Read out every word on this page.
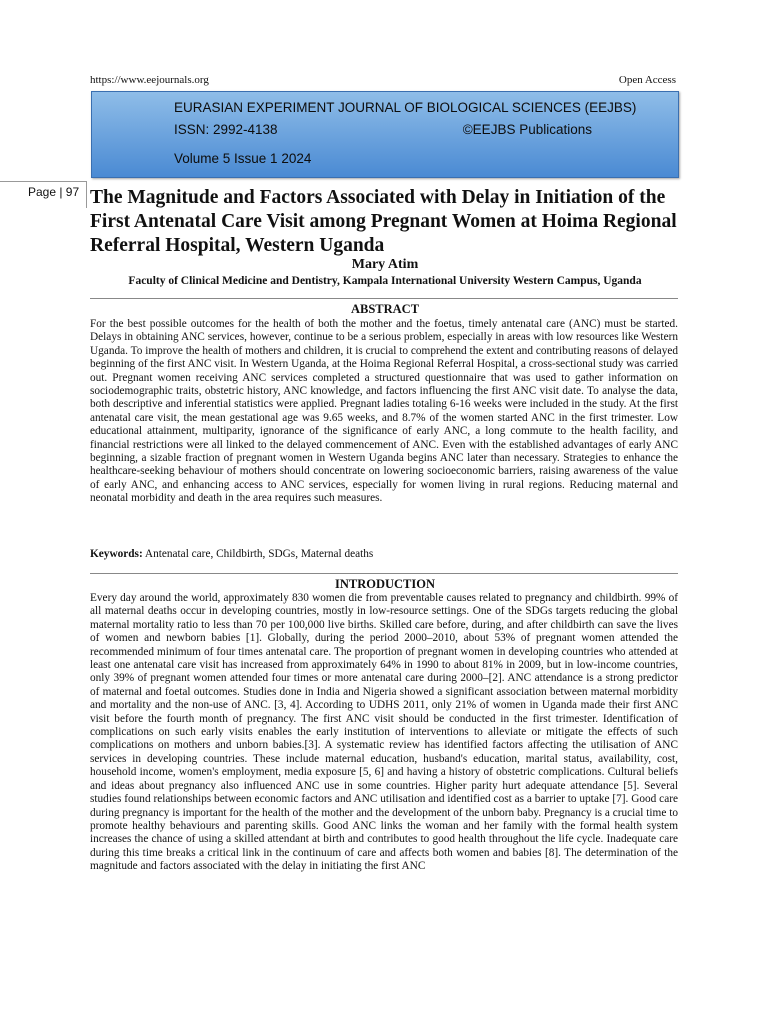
https://www.eejournals.org	Open Access
EURASIAN EXPERIMENT JOURNAL OF BIOLOGICAL SCIENCES (EEJBS)
ISSN: 2992-4138	©EEJBS Publications
Volume 5 Issue 1 2024
Page | 97 The Magnitude and Factors Associated with Delay in Initiation of the First Antenatal Care Visit among Pregnant Women at Hoima Regional Referral Hospital, Western Uganda
Mary Atim
Faculty of Clinical Medicine and Dentistry, Kampala International University Western Campus, Uganda
ABSTRACT

For the best possible outcomes for the health of both the mother and the foetus, timely antenatal care (ANC) must be started. Delays in obtaining ANC services, however, continue to be a serious problem, especially in areas with low resources like Western Uganda. To improve the health of mothers and children, it is crucial to comprehend the extent and contributing reasons of delayed beginning of the first ANC visit. In Western Uganda, at the Hoima Regional Referral Hospital, a cross-sectional study was carried out. Pregnant women receiving ANC services completed a structured questionnaire that was used to gather information on sociodemographic traits, obstetric history, ANC knowledge, and factors influencing the first ANC visit date. To analyse the data, both descriptive and inferential statistics were applied. Pregnant ladies totaling 6-16 weeks were included in the study. At the first antenatal care visit, the mean gestational age was 9.65 weeks, and 8.7% of the women started ANC in the first trimester. Low educational attainment, multiparity, ignorance of the significance of early ANC, a long commute to the health facility, and financial restrictions were all linked to the delayed commencement of ANC. Even with the established advantages of early ANC beginning, a sizable fraction of pregnant women in Western Uganda begins ANC later than necessary. Strategies to enhance the healthcare-seeking behaviour of mothers should concentrate on lowering socioeconomic barriers, raising awareness of the value of early ANC, and enhancing access to ANC services, especially for women living in rural regions. Reducing maternal and neonatal morbidity and death in the area requires such measures.

Keywords: Antenatal care, Childbirth, SDGs, Maternal deaths
INTRODUCTION

Every day around the world, approximately 830 women die from preventable causes related to pregnancy and childbirth. 99% of all maternal deaths occur in developing countries, mostly in low-resource settings. One of the SDGs targets reducing the global maternal mortality ratio to less than 70 per 100,000 live births. Skilled care before, during, and after childbirth can save the lives of women and newborn babies [1]. Globally, during the period 2000–2010, about 53% of pregnant women attended the recommended minimum of four times antenatal care. The proportion of pregnant women in developing countries who attended at least one antenatal care visit has increased from approximately 64% in 1990 to about 81% in 2009, but in low-income countries, only 39% of pregnant women attended four times or more antenatal care during 2000–[2]. ANC attendance is a strong predictor of maternal and foetal outcomes. Studies done in India and Nigeria showed a significant association between maternal morbidity and mortality and the non-use of ANC. [3, 4]. According to UDHS 2011, only 21% of women in Uganda made their first ANC visit before the fourth month of pregnancy. The first ANC visit should be conducted in the first trimester. Identification of complications on such early visits enables the early institution of interventions to alleviate or mitigate the effects of such complications on mothers and unborn babies.[3]. A systematic review has identified factors affecting the utilisation of ANC services in developing countries. These include maternal education, husband's education, marital status, availability, cost, household income, women's employment, media exposure [5, 6] and having a history of obstetric complications. Cultural beliefs and ideas about pregnancy also influenced ANC use in some countries. Higher parity hurt adequate attendance [5]. Several studies found relationships between economic factors and ANC utilisation and identified cost as a barrier to uptake [7]. Good care during pregnancy is important for the health of the mother and the development of the unborn baby. Pregnancy is a crucial time to promote healthy behaviours and parenting skills. Good ANC links the woman and her family with the formal health system increases the chance of using a skilled attendant at birth and contributes to good health throughout the life cycle. Inadequate care during this time breaks a critical link in the continuum of care and affects both women and babies [8]. The determination of the magnitude and factors associated with the delay in initiating the first ANC
